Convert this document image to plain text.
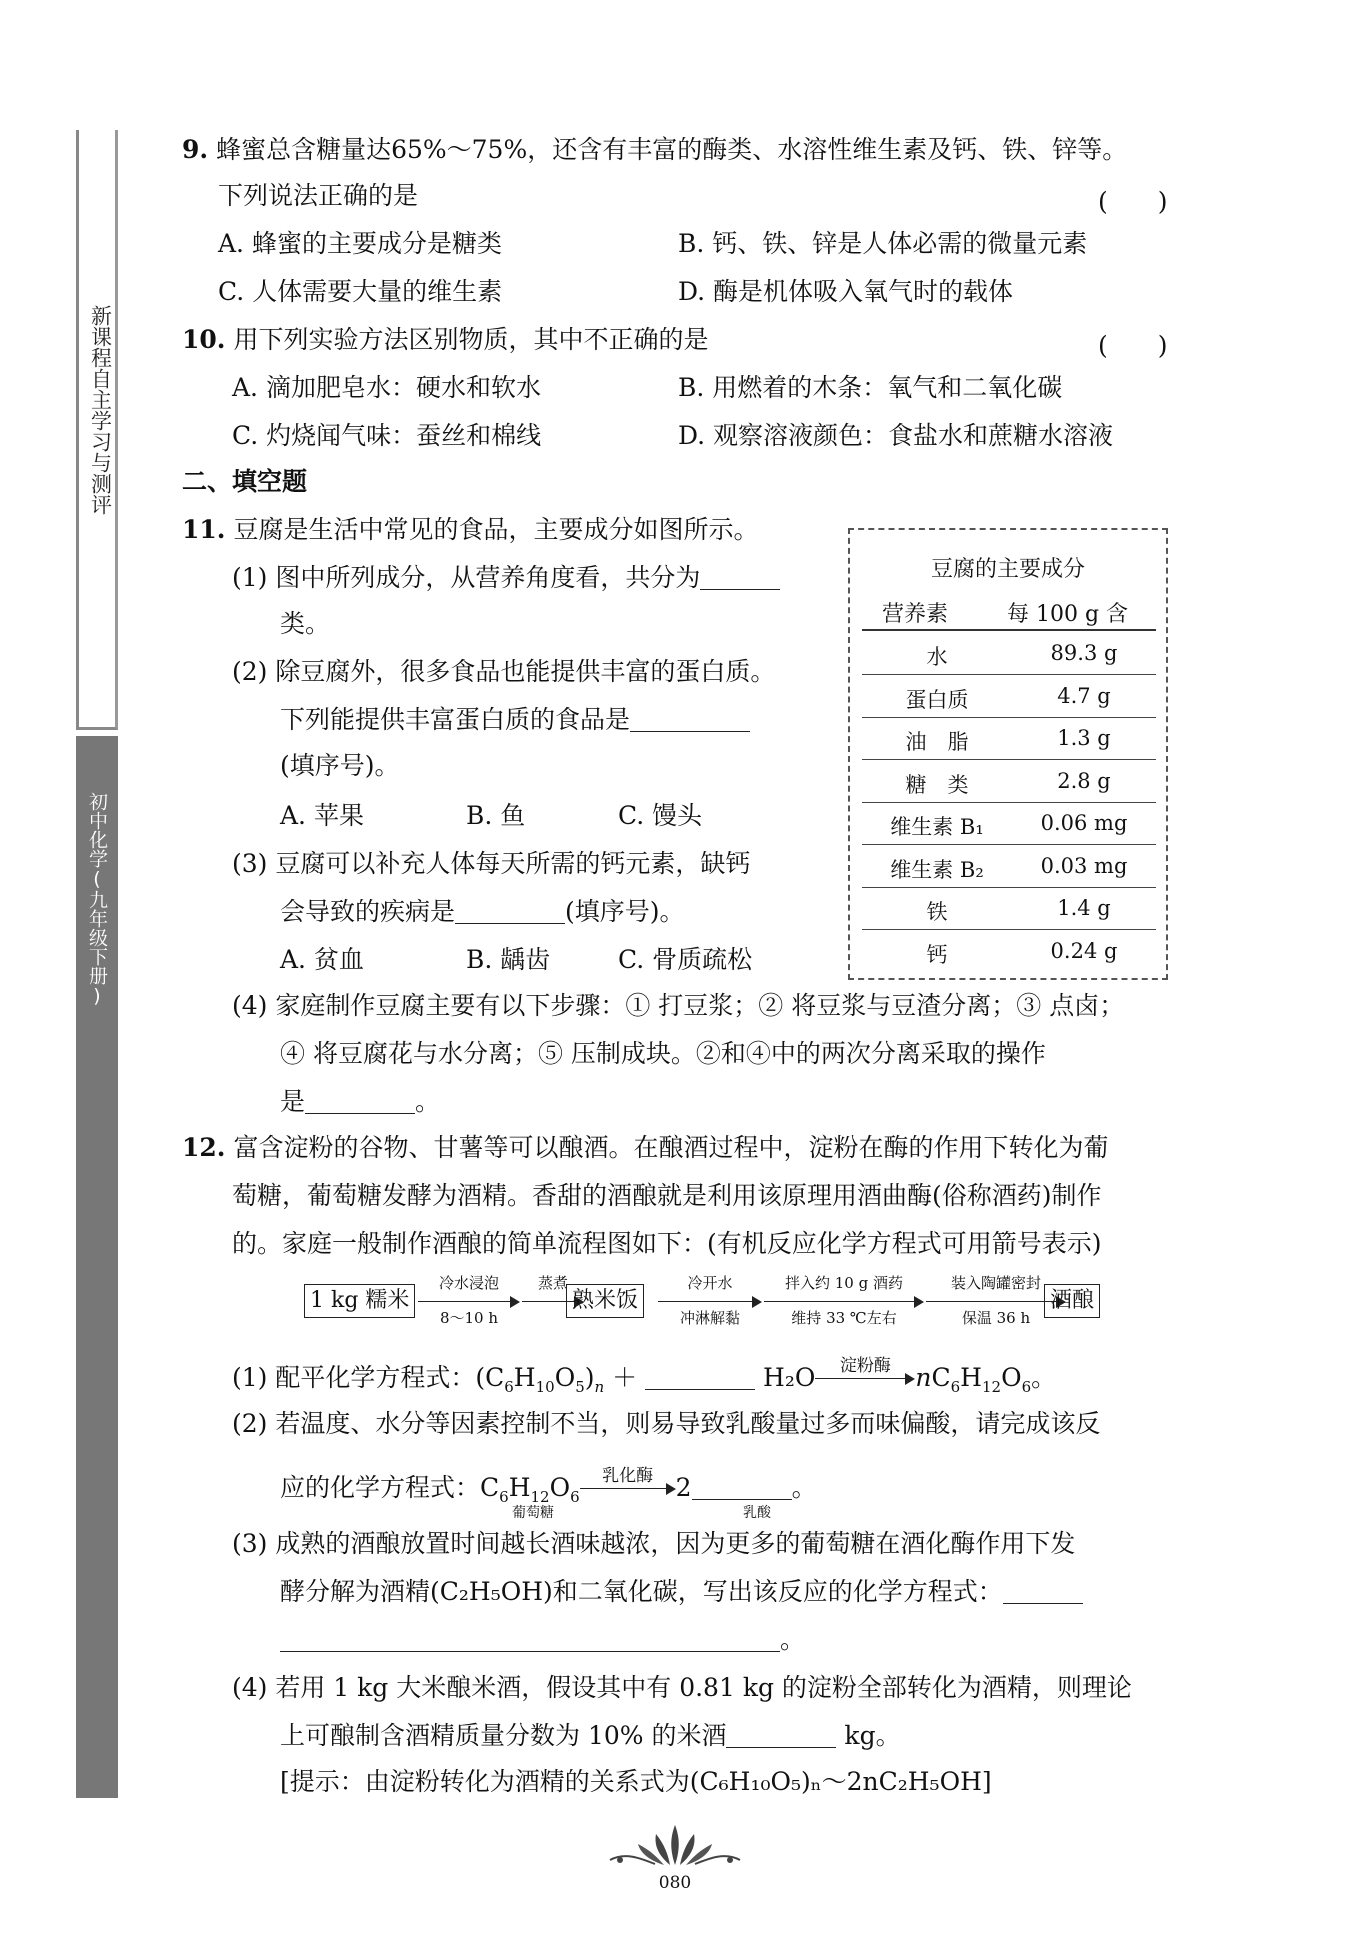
新课程自主学习与测评
初中化学(九年级下册)
9. 蜂蜜总含糖量达65%～75%，还含有丰富的酶类、水溶性维生素及钙、铁、锌等。
下列说法正确的是	(　　)
A. 蜂蜜的主要成分是糖类	B. 钙、铁、锌是人体必需的微量元素
C. 人体需要大量的维生素	D. 酶是机体吸入氧气时的载体
10. 用下列实验方法区别物质，其中不正确的是	(　　)
A. 滴加肥皂水：硬水和软水	B. 用燃着的木条：氧气和二氧化碳
C. 灼烧闻气味：蚕丝和棉线	D. 观察溶液颜色：食盐水和蔗糖水溶液
二、填空题
11. 豆腐是生活中常见的食品，主要成分如图所示。
(1) 图中所列成分，从营养角度看，共分为
类。
(2) 除豆腐外，很多食品也能提供丰富的蛋白质。
下列能提供丰富蛋白质的食品是
(填序号)。
A. 苹果	B. 鱼	C. 馒头
(3) 豆腐可以补充人体每天所需的钙元素，缺钙
会导致的疾病是	(填序号)。
A. 贫血	B. 龋齿	C. 骨质疏松
(4) 家庭制作豆腐主要有以下步骤：① 打豆浆；② 将豆浆与豆渣分离；③ 点卤；
④ 将豆腐花与水分离；⑤ 压制成块。②和④中的两次分离采取的操作
是	。
豆腐的主要成分
营养素	每 100 g 含
水	89.3 g
蛋白质	4.7 g
油　脂	1.3 g
糖　类	2.8 g
维生素 B₁	0.06 mg
维生素 B₂	0.03 mg
铁	1.4 g
钙	0.24 g
12. 富含淀粉的谷物、甘薯等可以酿酒。在酿酒过程中，淀粉在酶的作用下转化为葡
萄糖，葡萄糖发酵为酒精。香甜的酒酿就是利用该原理用酒曲酶(俗称酒药)制作
的。家庭一般制作酒酿的简单流程图如下：(有机反应化学方程式可用箭号表示)
1 kg 糯米
冷水浸泡
8～10 h
蒸煮
熟米饭
冷开水
冲淋解黏
拌入约 10 g 酒药
维持 33 ℃左右
装入陶罐密封
保温 36 h
酒酿
(1) 配平化学方程式：$(C_6H_{10}O_5)_n$ ＋	H₂O	淀粉酶 $nC_6H_{12}O_6$。
(2) 若温度、水分等因素控制不当，则易导致乳酸量过多而味偏酸，请完成该反
应的化学方程式：$C_6H_{12}O_6$
乳化酶 2	。
葡萄糖	乳酸
(3) 成熟的酒酿放置时间越长酒味越浓，因为更多的葡萄糖在酒化酶作用下发
酵分解为酒精(C₂H₅OH)和二氧化碳，写出该反应的化学方程式：
。
(4) 若用 1 kg 大米酿米酒，假设其中有 0.81 kg 的淀粉全部转化为酒精，则理论
上可酿制含酒精质量分数为 10% 的米酒	kg。
[提示：由淀粉转化为酒精的关系式为(C₆H₁₀O₅)ₙ～2nC₂H₅OH]
080
